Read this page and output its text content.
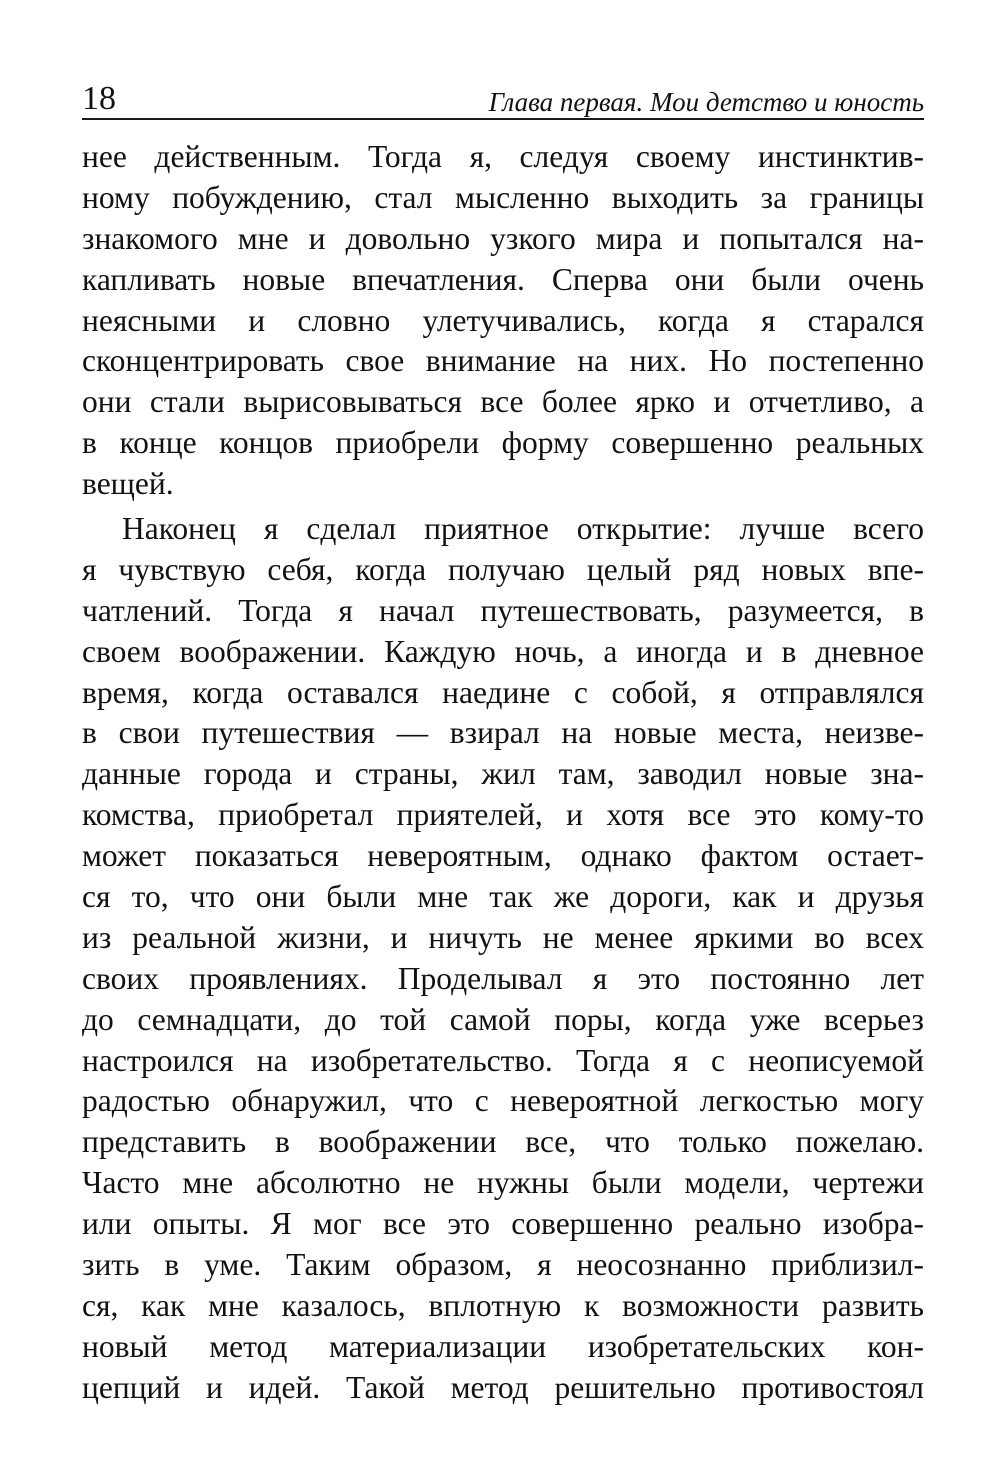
18	Глава первая. Мои детство и юность
нее действенным. Тогда я, следуя своему инстинктив-
ному побуждению, стал мысленно выходить за границы
знакомого мне и довольно узкого мира и попытался на-
капливать новые впечатления. Сперва они были очень
неясными и словно улетучивались, когда я старался
сконцентрировать свое внимание на них. Но постепенно
они стали вырисовываться все более ярко и отчетливо, а
в конце концов приобрели форму совершенно реальных
вещей.
Наконец я сделал приятное открытие: лучше всего
я чувствую себя, когда получаю целый ряд новых впе-
чатлений. Тогда я начал путешествовать, разумеется, в
своем воображении. Каждую ночь, а иногда и в дневное
время, когда оставался наедине с собой, я отправлялся
в свои путешествия — взирал на новые места, неизве-
данные города и страны, жил там, заводил новые зна-
комства, приобретал приятелей, и хотя все это кому-то
может показаться невероятным, однако фактом остает-
ся то, что они были мне так же дороги, как и друзья
из реальной жизни, и ничуть не менее яркими во всех
своих проявлениях. Проделывал я это постоянно лет
до семнадцати, до той самой поры, когда уже всерьез
настроился на изобретательство. Тогда я с неописуемой
радостью обнаружил, что с невероятной легкостью могу
представить в воображении все, что только пожелаю.
Часто мне абсолютно не нужны были модели, чертежи
или опыты. Я мог все это совершенно реально изобра-
зить в уме. Таким образом, я неосознанно приблизил-
ся, как мне казалось, вплотную к возможности развить
новый метод материализации изобретательских кон-
цепций и идей. Такой метод решительно противостоял
